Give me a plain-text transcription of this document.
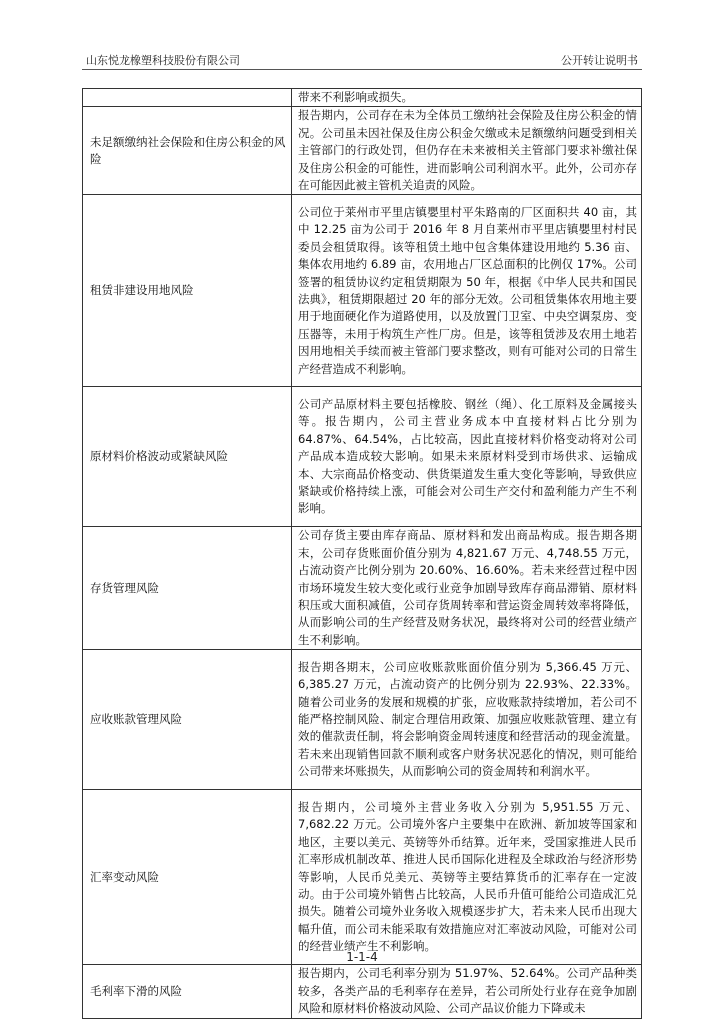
山东悦龙橡塑科技股份有限公司	公开转让说明书
	带来不利影响或损失。
未足额缴纳社会保险和住房公积金的风险	报告期内，公司存在未为全体员工缴纳社会保险及住房公积金的情况。公司虽未因社保及住房公积金欠缴或未足额缴纳问题受到相关主管部门的行政处罚，但仍存在未来被相关主管部门要求补缴社保及住房公积金的可能性，进而影响公司利润水平。此外，公司亦存在可能因此被主管机关追责的风险。
租赁非建设用地风险	公司位于莱州市平里店镇嬰里村平朱路南的厂区面积共 40 亩，其中 12.25 亩为公司于 2016 年 8 月自莱州市平里店镇嬰里村村民委员会租赁取得。该等租赁土地中包含集体建设用地约 5.36 亩、集体农用地约 6.89 亩，农用地占厂区总面积的比例仅 17%。公司签署的租赁协议约定租赁期限为 50 年，根据《中华人民共和国民法典》，租赁期限超过 20 年的部分无效。公司租赁集体农用地主要用于地面硬化作为道路使用，以及放置门卫室、中央空调泵房、变压器等，未用于构筑生产性厂房。但是，该等租赁涉及农用土地若因用地相关手续而被主管部门要求整改，则有可能对公司的日常生产经营造成不利影响。
原材料价格波动或紧缺风险	公司产品原材料主要包括橡胶、钢丝（绳）、化工原料及金属接头等。报告期内，公司主营业务成本中直接材料占比分别为 64.87%、64.54%，占比较高，因此直接材料价格变动将对公司产品成本造成较大影响。如果未来原材料受到市场供求、运输成本、大宗商品价格变动、供货渠道发生重大变化等影响，导致供应紧缺或价格持续上涨，可能会对公司生产交付和盈利能力产生不利影响。
存货管理风险	公司存货主要由库存商品、原材料和发出商品构成。报告期各期末，公司存货账面价值分别为 4,821.67 万元、4,748.55 万元，占流动资产比例分别为 20.60%、16.60%。若未来经营过程中因市场环境发生较大变化或行业竞争加剧导致库存商品滞销、原材料积压或大面积减值，公司存货周转率和营运资金周转效率将降低，从而影响公司的生产经营及财务状况，最终将对公司的经营业绩产生不利影响。
应收账款管理风险	报告期各期末，公司应收账款账面价值分别为 5,366.45 万元、6,385.27 万元，占流动资产的比例分别为 22.93%、22.33%。随着公司业务的发展和规模的扩张，应收账款持续增加，若公司不能严格控制风险、制定合理信用政策、加强应收账款管理、建立有效的催款责任制，将会影响资金周转速度和经营活动的现金流量。若未来出现销售回款不顺利或客户财务状况恶化的情况，则可能给公司带来坏账损失，从而影响公司的资金周转和利润水平。
汇率变动风险	报告期内，公司境外主营业务收入分别为 5,951.55 万元、7,682.22 万元。公司境外客户主要集中在欧洲、新加坡等国家和地区，主要以美元、英镑等外币结算。近年来，受国家推进人民币汇率形成机制改革、推进人民币国际化进程及全球政治与经济形势等影响，人民币兑美元、英镑等主要结算货币的汇率存在一定波动。由于公司境外销售占比较高，人民币升值可能给公司造成汇兑损失。随着公司境外业务收入规模逐步扩大，若未来人民币出现大幅升值，而公司未能采取有效措施应对汇率波动风险，可能对公司的经营业绩产生不利影响。
毛利率下滑的风险	报告期内，公司毛利率分别为 51.97%、52.64%。公司产品种类较多，各类产品的毛利率存在差异，若公司所处行业存在竞争加剧风险和原材料价格波动风险、公司产品议价能力下降或未
1-1-4
